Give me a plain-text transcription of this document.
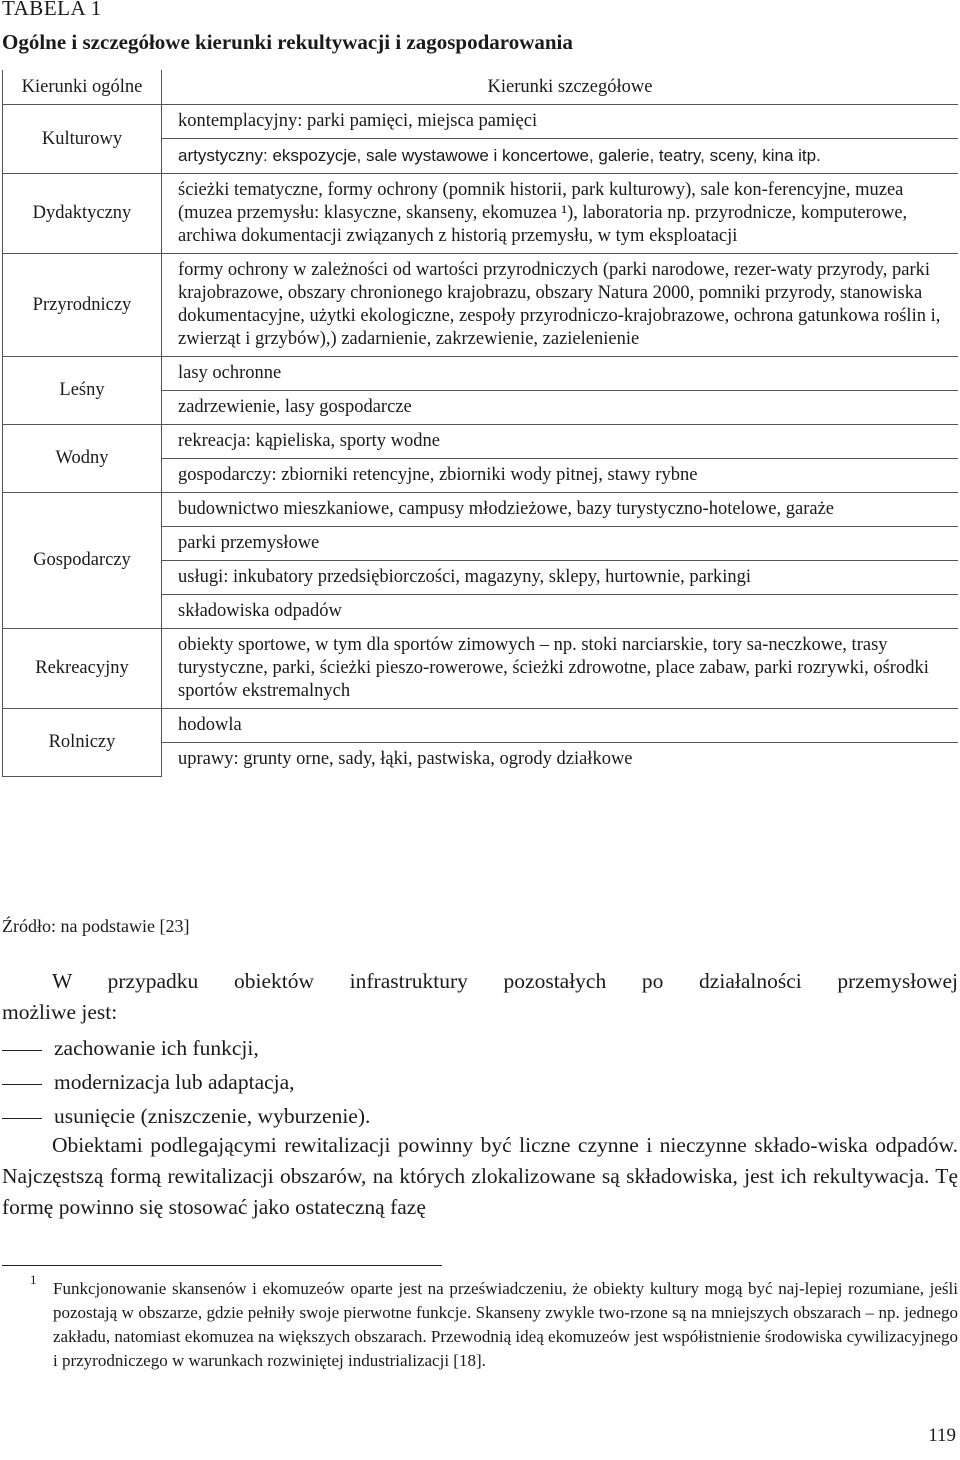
TABELA 1
Ogólne i szczegółowe kierunki rekultywacji i zagospodarowania
Kierunki ogólne	Kierunki szczegółowe
Kulturowy	kontemplacyjny: parki pamięci, miejsca pamięci
	artystyczny: ekspozycje, sale wystawowe i koncertowe, galerie, teatry, sceny, kina itp.
Dydaktyczny	ścieżki tematyczne, formy ochrony (pomnik historii, park kulturowy), sale kon-ferencyjne, muzea (muzea przemysłu: klasyczne, skanseny, ekomuzea ¹), laboratoria np. przyrodnicze, komputerowe, archiwa dokumentacji związanych z historią przemysłu, w tym eksploatacji
Przyrodniczy	formy ochrony w zależności od wartości przyrodniczych (parki narodowe, rezer-waty przyrody, parki krajobrazowe, obszary chronionego krajobrazu, obszary Natura 2000, pomniki przyrody, stanowiska dokumentacyjne, użytki ekologiczne, zespoły przyrodniczo-krajobrazowe, ochrona gatunkowa roślin i, zwierząt i grzybów),) zadarnienie, zakrzewienie, zazielenienie
Leśny	lasy ochronne
	zadrzewienie, lasy gospodarcze
Wodny	rekreacja: kąpieliska, sporty wodne
	gospodarczy: zbiorniki retencyjne, zbiorniki wody pitnej, stawy rybne
Gospodarczy	budownictwo mieszkaniowe, campusy młodzieżowe, bazy turystyczno-hotelowe, garaże
	parki przemysłowe
	usługi: inkubatory przedsiębiorczości, magazyny, sklepy, hurtownie, parkingi
	składowiska odpadów
Rekreacyjny	obiekty sportowe, w tym dla sportów zimowych – np. stoki narciarskie, tory sa-neczkowe, trasy turystyczne, parki, ścieżki pieszo-rowerowe, ścieżki zdrowotne, place zabaw, parki rozrywki, ośrodki sportów ekstremalnych
Rolniczy	hodowla
	uprawy: grunty orne, sady, łąki, pastwiska, ogrody działkowe
Źródło: na podstawie [23]
W przypadku obiektów infrastruktury pozostałych po działalności przemysłowej
możliwe jest:
zachowanie ich funkcji,
modernizacja lub adaptacja,
usunięcie (zniszczenie, wyburzenie).
Obiektami podlegającymi rewitalizacji powinny być liczne czynne i nieczynne składo-wiska odpadów. Najczęstszą formą rewitalizacji obszarów, na których zlokalizowane są składowiska, jest ich rekultywacja. Tę formę powinno się stosować jako ostateczną fazę
1 Funkcjonowanie skansenów i ekomuzeów oparte jest na przeświadczeniu, że obiekty kultury mogą być naj-lepiej rozumiane, jeśli pozostają w obszarze, gdzie pełniły swoje pierwotne funkcje. Skanseny zwykle two-rzone są na mniejszych obszarach – np. jednego zakładu, natomiast ekomuzea na większych obszarach. Przewodnią ideą ekomuzeów jest współistnienie środowiska cywilizacyjnego i przyrodniczego w warunkach rozwiniętej industrializacji [18].
119
